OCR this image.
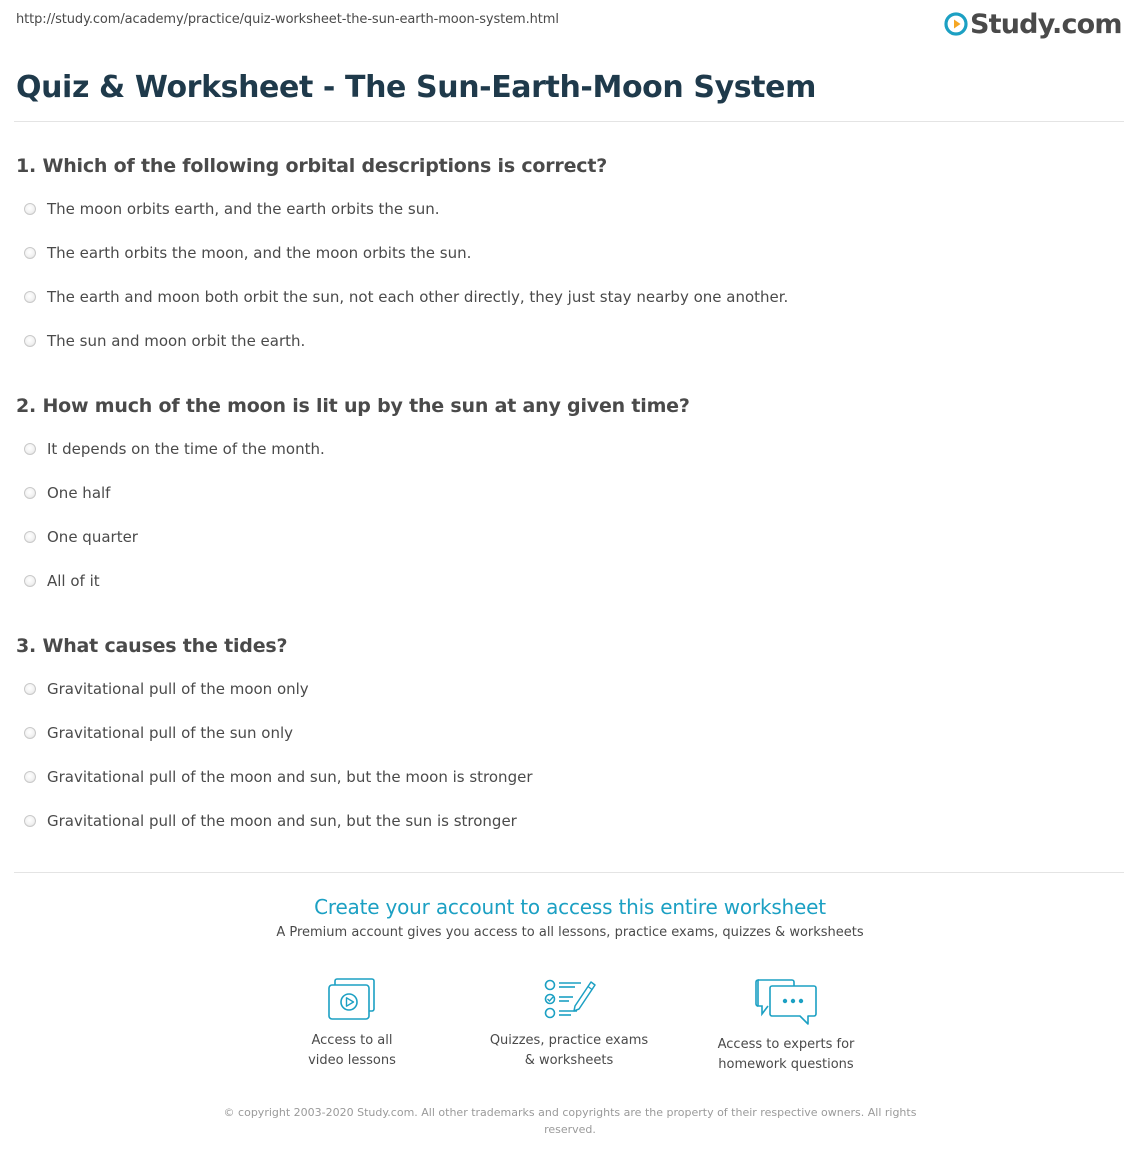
http://study.com/academy/practice/quiz-worksheet-the-sun-earth-moon-system.html	Study.com
Quiz & Worksheet - The Sun-Earth-Moon System
1. Which of the following orbital descriptions is correct?
The moon orbits earth, and the earth orbits the sun.
The earth orbits the moon, and the moon orbits the sun.
The earth and moon both orbit the sun, not each other directly, they just stay nearby one another.
The sun and moon orbit the earth.
2. How much of the moon is lit up by the sun at any given time?
It depends on the time of the month.
One half
One quarter
All of it
3. What causes the tides?
Gravitational pull of the moon only
Gravitational pull of the sun only
Gravitational pull of the moon and sun, but the moon is stronger
Gravitational pull of the moon and sun, but the sun is stronger
Create your account to access this entire worksheet
A Premium account gives you access to all lessons, practice exams, quizzes & worksheets
Access to all
video lessons
Quizzes, practice exams
& worksheets
Access to experts for
homework questions
© copyright 2003-2020 Study.com. All other trademarks and copyrights are the property of their respective owners. All rights
reserved.
